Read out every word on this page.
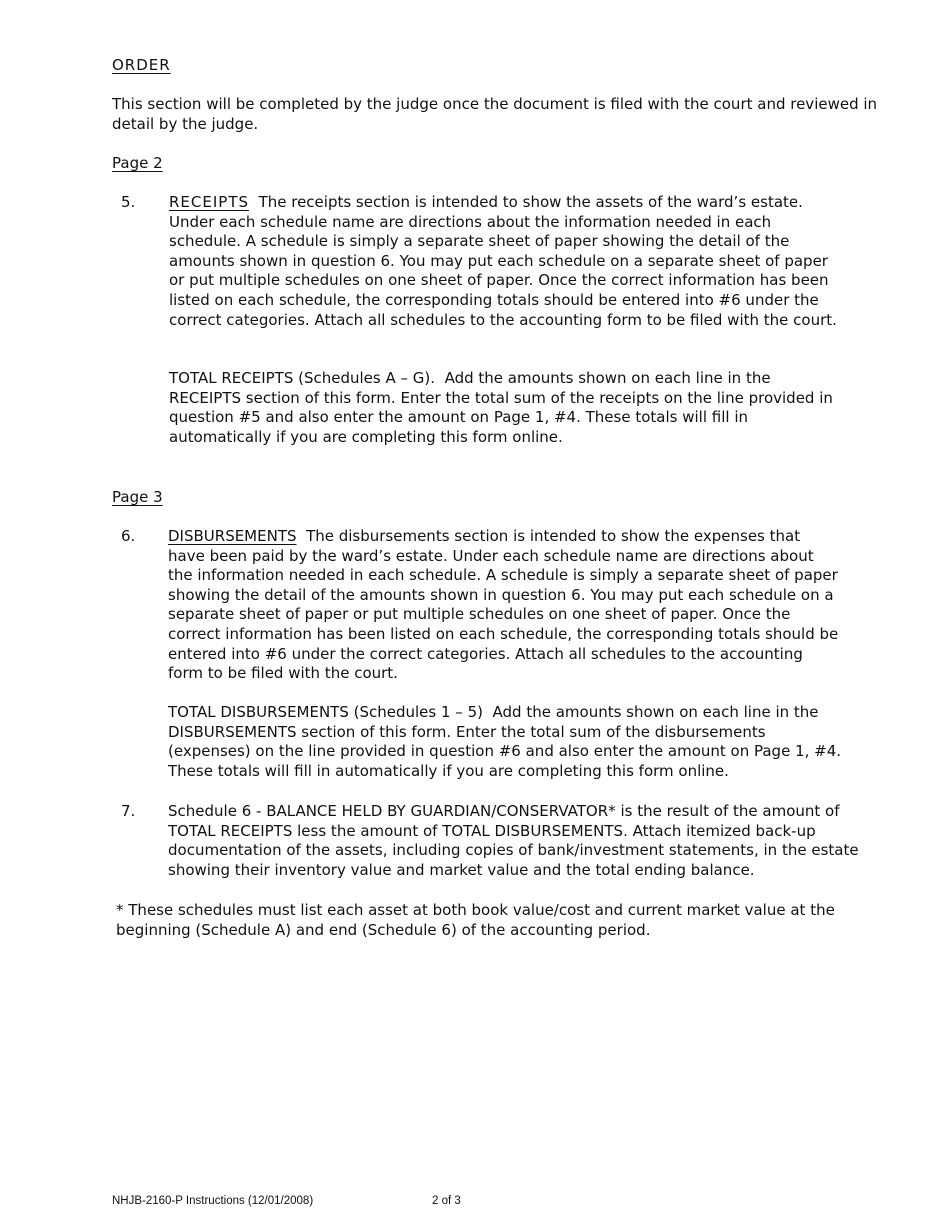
ORDER
This section will be completed by the judge once the document is filed with the court and reviewed in detail by the judge.
Page 2
5. RECEIPTS The receipts section is intended to show the assets of the ward’s estate. Under each schedule name are directions about the information needed in each schedule. A schedule is simply a separate sheet of paper showing the detail of the amounts shown in question 6. You may put each schedule on a separate sheet of paper or put multiple schedules on one sheet of paper. Once the correct information has been listed on each schedule, the corresponding totals should be entered into #6 under the correct categories. Attach all schedules to the accounting form to be filed with the court.
TOTAL RECEIPTS (Schedules A – G). Add the amounts shown on each line in the RECEIPTS section of this form. Enter the total sum of the receipts on the line provided in question #5 and also enter the amount on Page 1, #4. These totals will fill in automatically if you are completing this form online.
Page 3
6. DISBURSEMENTS The disbursements section is intended to show the expenses that have been paid by the ward’s estate. Under each schedule name are directions about the information needed in each schedule. A schedule is simply a separate sheet of paper showing the detail of the amounts shown in question 6. You may put each schedule on a separate sheet of paper or put multiple schedules on one sheet of paper. Once the correct information has been listed on each schedule, the corresponding totals should be entered into #6 under the correct categories. Attach all schedules to the accounting form to be filed with the court.
TOTAL DISBURSEMENTS (Schedules 1 – 5) Add the amounts shown on each line in the DISBURSEMENTS section of this form. Enter the total sum of the disbursements (expenses) on the line provided in question #6 and also enter the amount on Page 1, #4. These totals will fill in automatically if you are completing this form online.
7. Schedule 6 - BALANCE HELD BY GUARDIAN/CONSERVATOR* is the result of the amount of TOTAL RECEIPTS less the amount of TOTAL DISBURSEMENTS. Attach itemized back-up documentation of the assets, including copies of bank/investment statements, in the estate showing their inventory value and market value and the total ending balance.
* These schedules must list each asset at both book value/cost and current market value at the beginning (Schedule A) and end (Schedule 6) of the accounting period.
NHJB-2160-P Instructions (12/01/2008)	2 of 3
